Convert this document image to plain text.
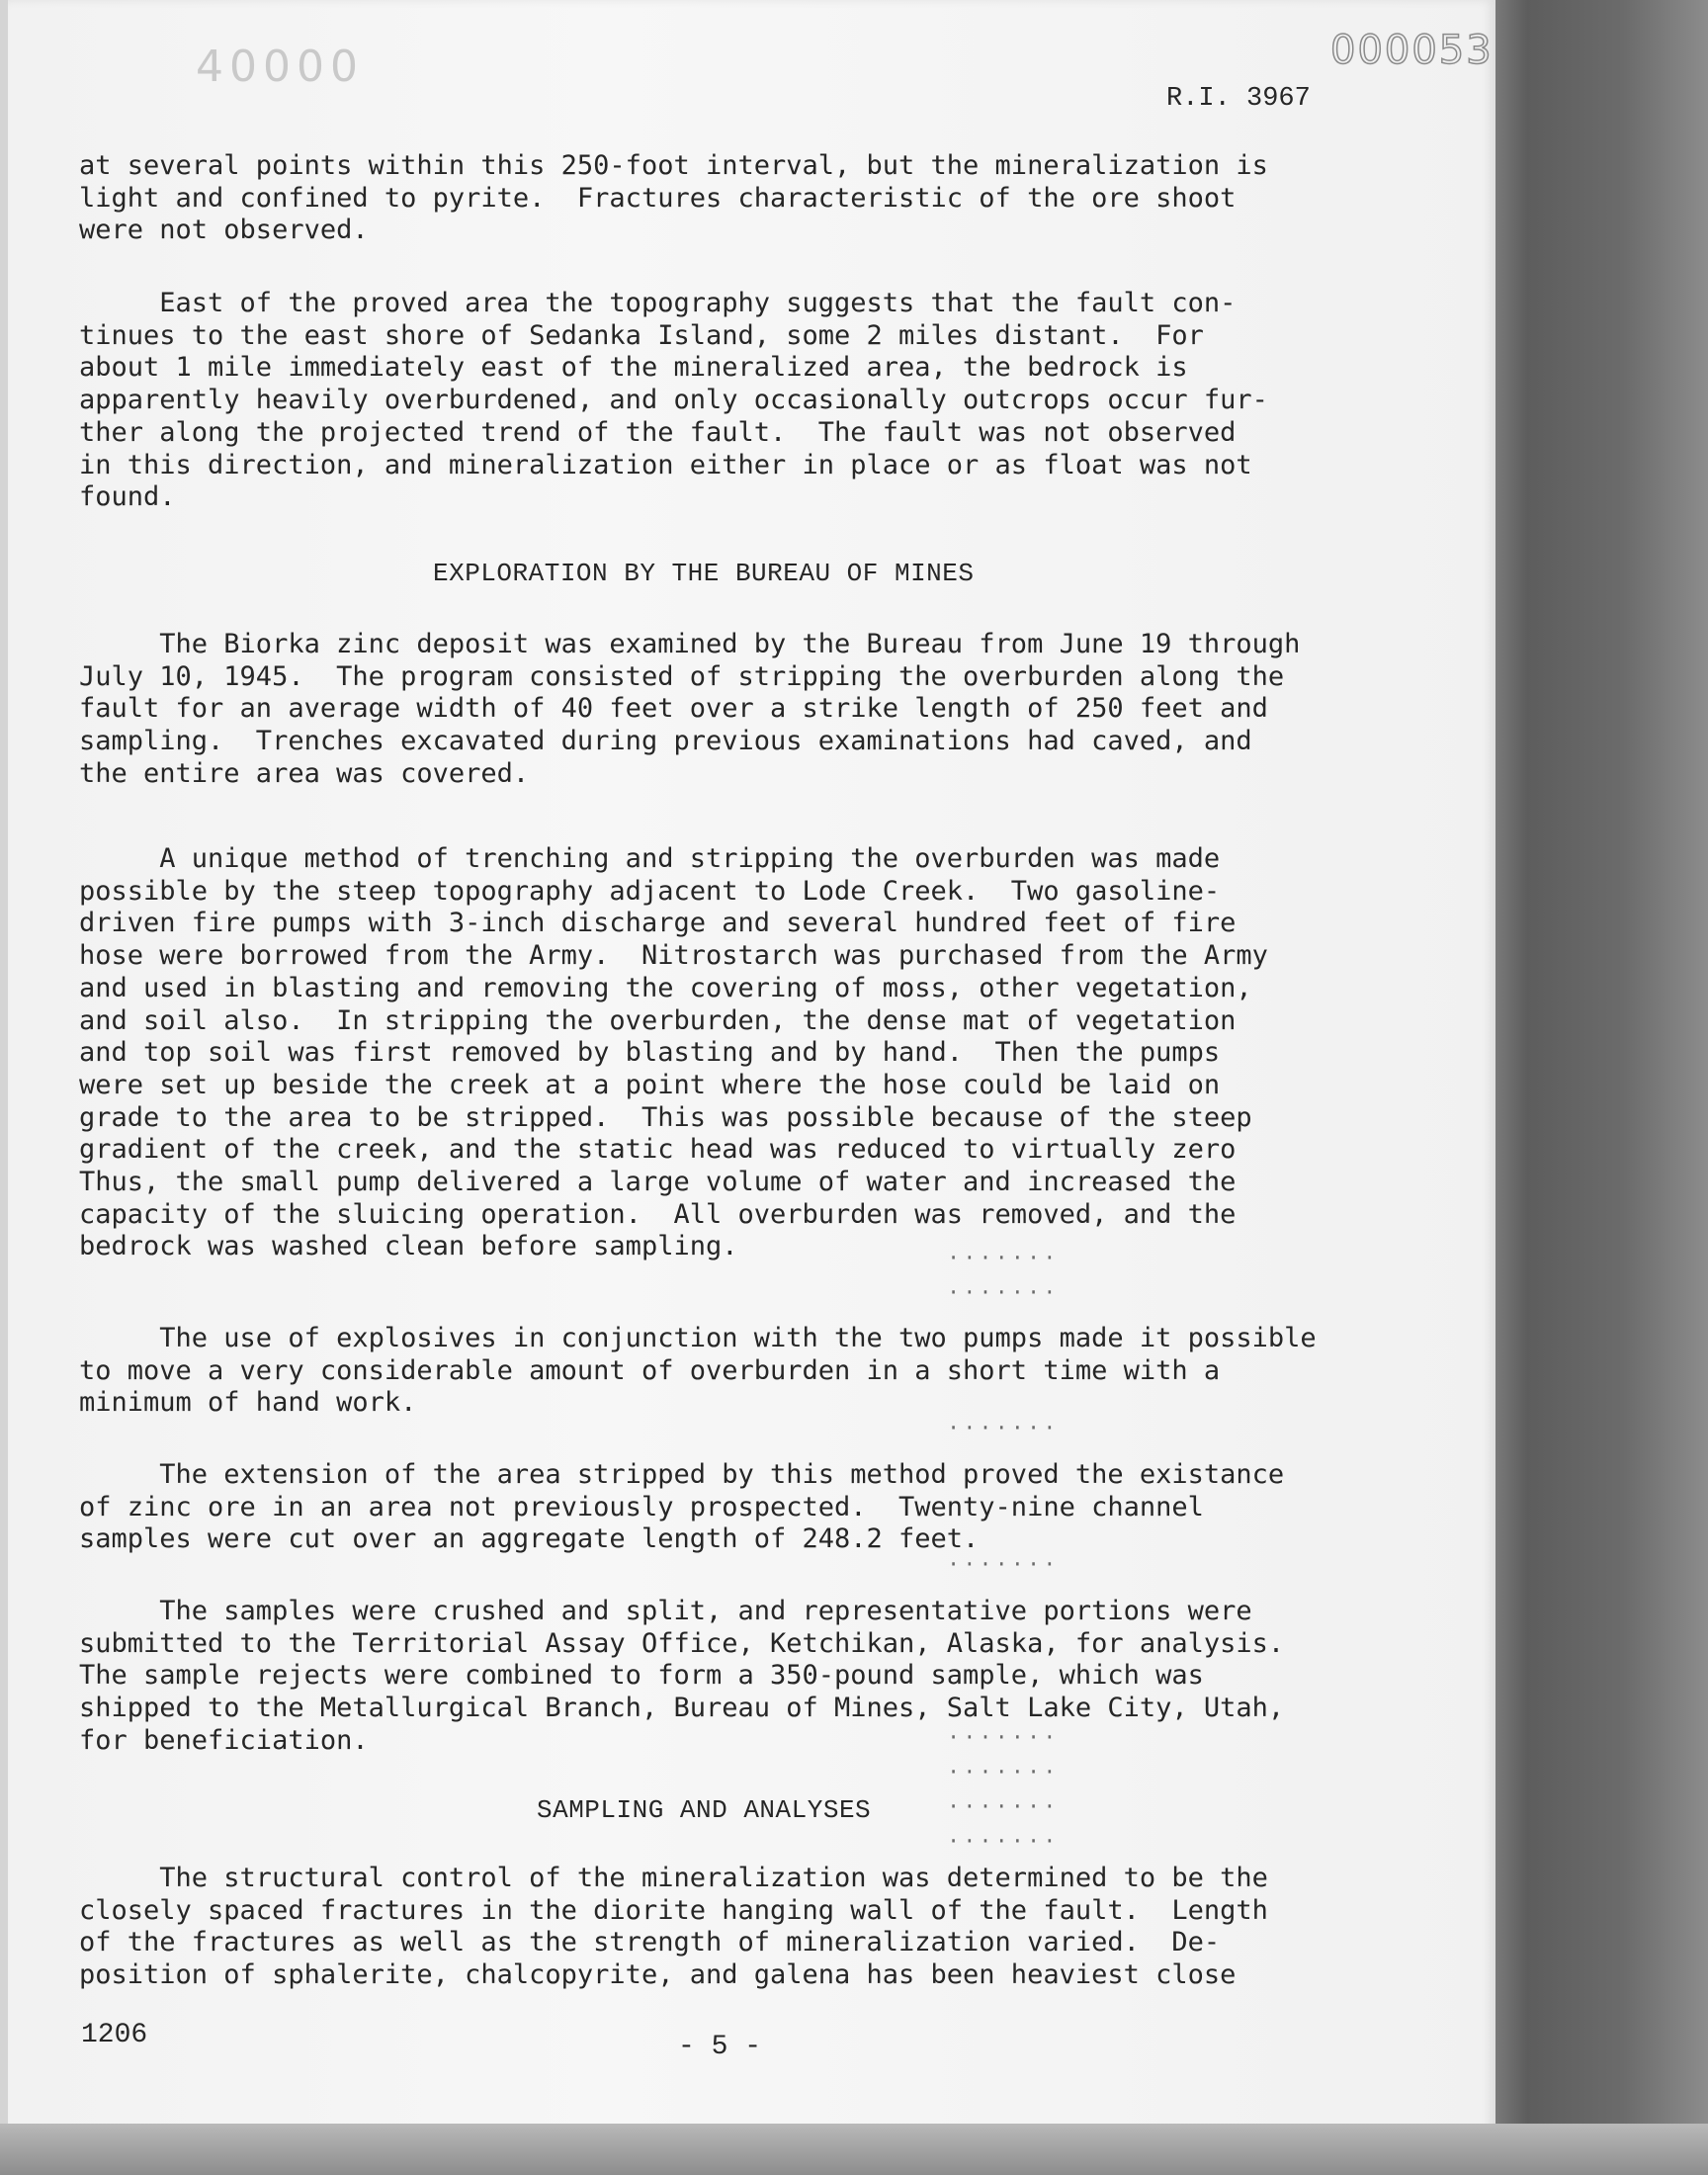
40000	000053
R.I. 3967
at several points within this 250-foot interval, but the mineralization is
light and confined to pyrite.  Fractures characteristic of the ore shoot
were not observed.
East of the proved area the topography suggests that the fault con-
tinues to the east shore of Sedanka Island, some 2 miles distant.  For
about 1 mile immediately east of the mineralized area, the bedrock is
apparently heavily overburdened, and only occasionally outcrops occur fur-
ther along the projected trend of the fault.  The fault was not observed
in this direction, and mineralization either in place or as float was not
found.
EXPLORATION BY THE BUREAU OF MINES
The Biorka zinc deposit was examined by the Bureau from June 19 through
July 10, 1945.  The program consisted of stripping the overburden along the
fault for an average width of 40 feet over a strike length of 250 feet and
sampling.  Trenches excavated during previous examinations had caved, and
the entire area was covered.
A unique method of trenching and stripping the overburden was made
possible by the steep topography adjacent to Lode Creek.  Two gasoline-
driven fire pumps with 3-inch discharge and several hundred feet of fire
hose were borrowed from the Army.  Nitrostarch was purchased from the Army
and used in blasting and removing the covering of moss, other vegetation,
and soil also.  In stripping the overburden, the dense mat of vegetation
and top soil was first removed by blasting and by hand.  Then the pumps
were set up beside the creek at a point where the hose could be laid on
grade to the area to be stripped.  This was possible because of the steep
gradient of the creek, and the static head was reduced to virtually zero
Thus, the small pump delivered a large volume of water and increased the
capacity of the sluicing operation.  All overburden was removed, and the
bedrock was washed clean before sampling.
The use of explosives in conjunction with the two pumps made it possible
to move a very considerable amount of overburden in a short time with a
minimum of hand work.
The extension of the area stripped by this method proved the existance
of zinc ore in an area not previously prospected.  Twenty-nine channel
samples were cut over an aggregate length of 248.2 feet.
The samples were crushed and split, and representative portions were
submitted to the Territorial Assay Office, Ketchikan, Alaska, for analysis.
The sample rejects were combined to form a 350-pound sample, which was
shipped to the Metallurgical Branch, Bureau of Mines, Salt Lake City, Utah,
for beneficiation.
SAMPLING AND ANALYSES
The structural control of the mineralization was determined to be the
closely spaced fractures in the diorite hanging wall of the fault.  Length
of the fractures as well as the strength of mineralization varied.  De-
position of sphalerite, chalcopyrite, and galena has been heaviest close
·······
·······
·······
·······
·······
·······
·······
·······
1206	- 5 -
